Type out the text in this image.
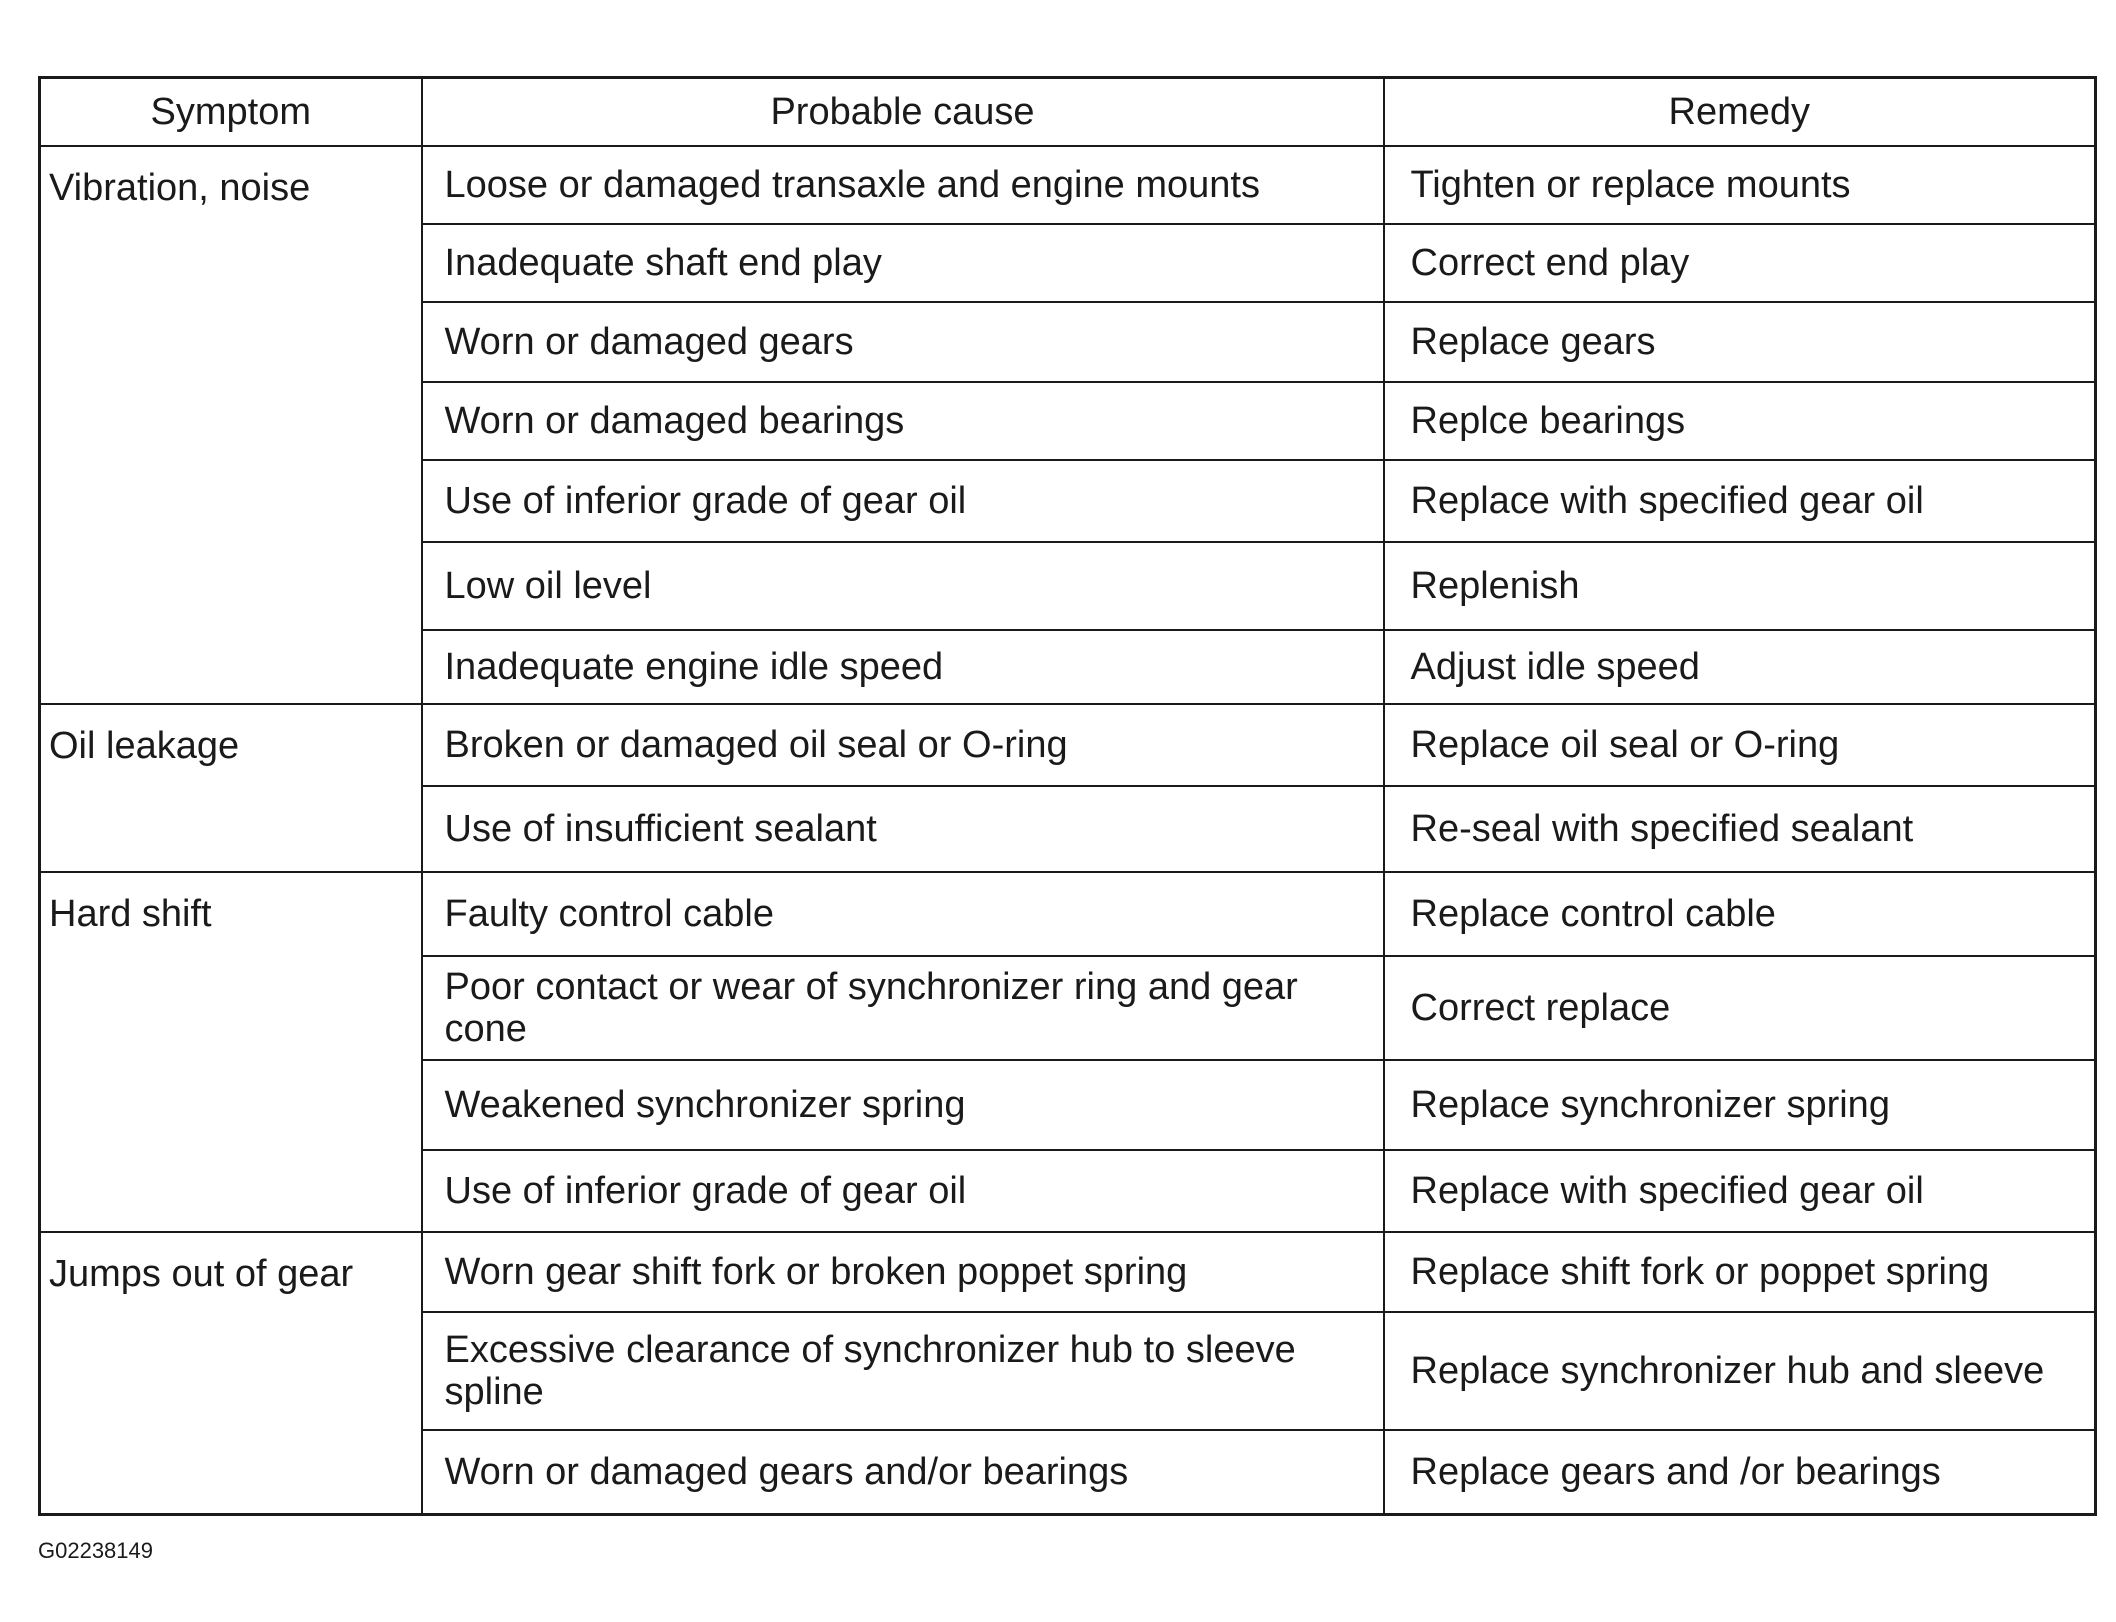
Symptom	Probable cause	Remedy
Vibration, noise	Loose or damaged transaxle and engine mounts	Tighten or replace mounts
	Inadequate shaft end play	Correct end play
	Worn or damaged gears	Replace gears
	Worn or damaged bearings	Replce bearings
	Use of inferior grade of gear oil	Replace with specified gear oil
	Low oil level	Replenish
	Inadequate engine idle speed	Adjust idle speed
Oil leakage	Broken or damaged oil seal or O-ring	Replace oil seal or O-ring
	Use of insufficient sealant	Re-seal with specified sealant
Hard shift	Faulty control cable	Replace control cable
	Poor contact or wear of synchronizer ring and gear cone	Correct replace
	Weakened synchronizer spring	Replace synchronizer spring
	Use of inferior grade of gear oil	Replace with specified gear oil
Jumps out of gear	Worn gear shift fork or broken poppet spring	Replace shift fork or poppet spring
	Excessive clearance of synchronizer hub to sleeve spline	Replace synchronizer hub and sleeve
	Worn or damaged gears and/or bearings	Replace gears and /or bearings
G02238149
